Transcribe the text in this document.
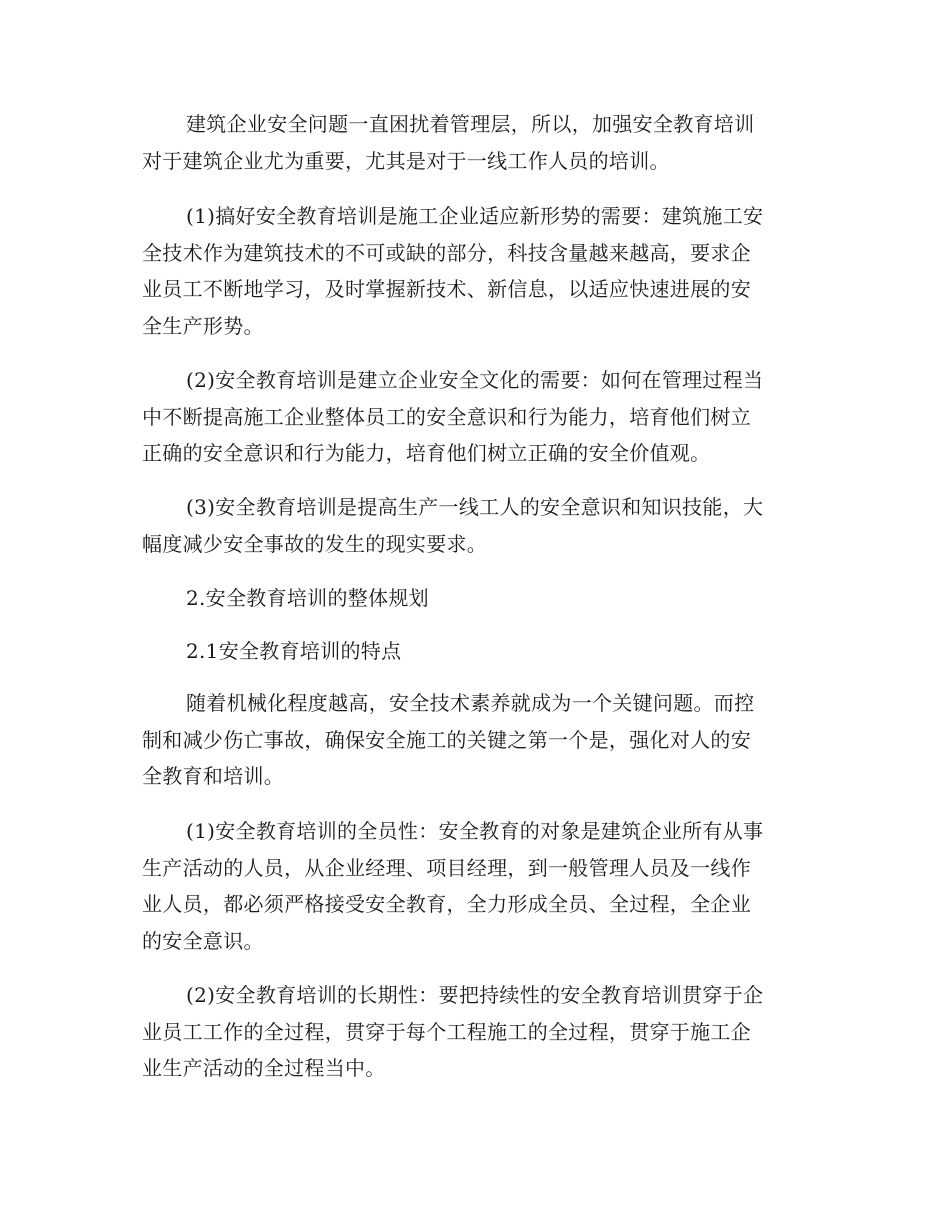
建筑企业安全问题一直困扰着管理层，所以，加强安全教育培训
对于建筑企业尤为重要，尤其是对于一线工作人员的培训。
(1)搞好安全教育培训是施工企业适应新形势的需要：建筑施工安
全技术作为建筑技术的不可或缺的部分，科技含量越来越高，要求企
业员工不断地学习，及时掌握新技术、新信息，以适应快速进展的安
全生产形势。
(2)安全教育培训是建立企业安全文化的需要：如何在管理过程当
中不断提高施工企业整体员工的安全意识和行为能力，培育他们树立
正确的安全意识和行为能力，培育他们树立正确的安全价值观。
(3)安全教育培训是提高生产一线工人的安全意识和知识技能，大
幅度减少安全事故的发生的现实要求。
2.安全教育培训的整体规划
2.1安全教育培训的特点
随着机械化程度越高，安全技术素养就成为一个关键问题。而控
制和减少伤亡事故，确保安全施工的关键之第一个是，强化对人的安
全教育和培训。
(1)安全教育培训的全员性：安全教育的对象是建筑企业所有从事
生产活动的人员，从企业经理、项目经理，到一般管理人员及一线作
业人员，都必须严格接受安全教育，全力形成全员、全过程，全企业
的安全意识。
(2)安全教育培训的长期性：要把持续性的安全教育培训贯穿于企
业员工工作的全过程，贯穿于每个工程施工的全过程，贯穿于施工企
业生产活动的全过程当中。
